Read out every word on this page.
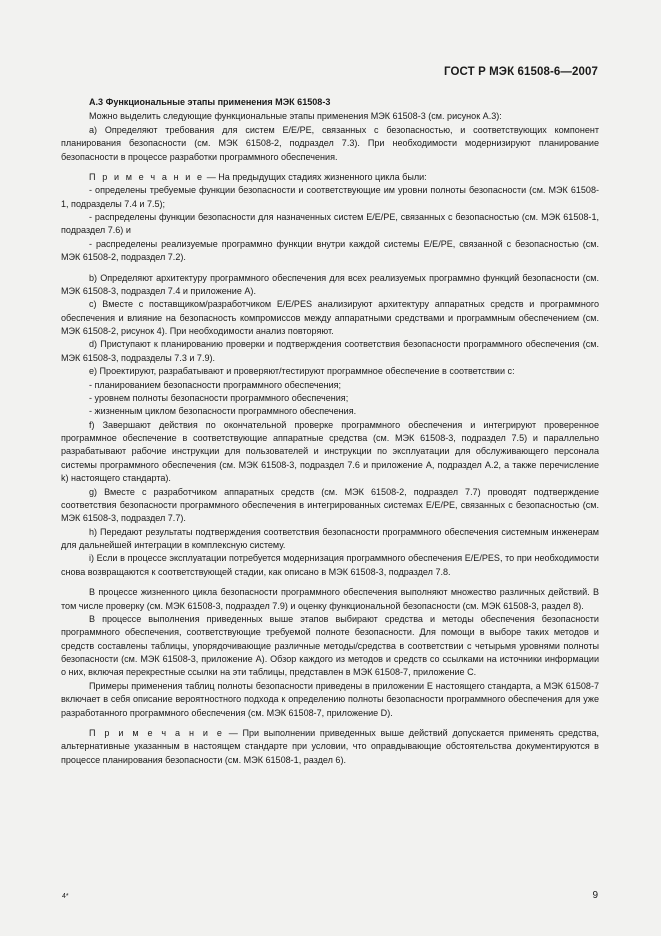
ГОСТ Р МЭК 61508-6—2007

А.3 Функциональные этапы применения МЭК 61508-3

Можно выделить следующие функциональные этапы применения МЭК 61508-3 (см. рисунок А.3):

а) Определяют требования для систем E/E/PE, связанных с безопасностью, и соответствующих компонент планирования безопасности (см. МЭК 61508-2, подраздел 7.3). При необходимости модернизируют планирование безопасности в процессе разработки программного обеспечения.

П р и м е ч а н и е — На предыдущих стадиях жизненного цикла были:

- определены требуемые функции безопасности и соответствующие им уровни полноты безопасности (см. МЭК 61508-1, подразделы 7.4 и 7.5);

- распределены функции безопасности для назначенных систем E/E/PE, связанных с безопасностью (см. МЭК 61508-1, подраздел 7.6) и

- распределены реализуемые программно функции внутри каждой системы E/E/PE, связанной с безопасностью (см. МЭК 61508-2, подраздел 7.2).

b) Определяют архитектуру программного обеспечения для всех реализуемых программно функций безопасности (см. МЭК 61508-3, подраздел 7.4 и приложение А).

c) Вместе с поставщиком/разработчиком E/E/PES анализируют архитектуру аппаратных средств и программного обеспечения и влияние на безопасность компромиссов между аппаратными средствами и программным обеспечением (см. МЭК 61508-2, рисунок 4). При необходимости анализ повторяют.

d) Приступают к планированию проверки и подтверждения соответствия безопасности программного обеспечения (см. МЭК 61508-3, подразделы 7.3 и 7.9).

е) Проектируют, разрабатывают и проверяют/тестируют программное обеспечение в соответствии с:

- планированием безопасности программного обеспечения;

- уровнем полноты безопасности программного обеспечения;

- жизненным циклом безопасности программного обеспечения.

f) Завершают действия по окончательной проверке программного обеспечения и интегрируют проверенное программное обеспечение в соответствующие аппаратные средства (см. МЭК 61508-3, подраздел 7.5) и параллельно разрабатывают рабочие инструкции для пользователей и инструкции по эксплуатации для обслуживающего персонала системы программного обеспечения (см. МЭК 61508-3, подраздел 7.6 и приложение А, подраздел А.2, а также перечисление k) настоящего стандарта).

g) Вместе с разработчиком аппаратных средств (см. МЭК 61508-2, подраздел 7.7) проводят подтверждение соответствия безопасности программного обеспечения в интегрированных системах E/E/PE, связанных с безопасностью (см. МЭК 61508-3, подраздел 7.7).

h) Передают результаты подтверждения соответствия безопасности программного обеспечения системным инженерам для дальнейшей интеграции в комплексную систему.

i) Если в процессе эксплуатации потребуется модернизация программного обеспечения E/E/PES, то при необходимости снова возвращаются к соответствующей стадии, как описано в МЭК 61508-3, подраздел 7.8.

В процессе жизненного цикла безопасности программного обеспечения выполняют множество различных действий. В том числе проверку (см. МЭК 61508-3, подраздел 7.9) и оценку функциональной безопасности (см. МЭК 61508-3, раздел 8).

В процессе выполнения приведенных выше этапов выбирают средства и методы обеспечения безопасности программного обеспечения, соответствующие требуемой полноте безопасности. Для помощи в выборе таких методов и средств составлены таблицы, упорядочивающие различные методы/средства в соответствии с четырьмя уровнями полноты безопасности (см. МЭК 61508-3, приложение А). Обзор каждого из методов и средств со ссылками на источники информации о них, включая перекрестные ссылки на эти таблицы, представлен в МЭК 61508-7, приложение С.

Примеры применения таблиц полноты безопасности приведены в приложении Е настоящего стандарта, а МЭК 61508-7 включает в себя описание вероятностного подхода к определению полноты безопасности программного обеспечения для уже разработанного программного обеспечения (см. МЭК 61508-7, приложение D).

П р и м е ч а н и е — При выполнении приведенных выше действий допускается применять средства, альтернативные указанным в настоящем стандарте при условии, что оправдывающие обстоятельства документируются в процессе планирования безопасности (см. МЭК 61508-1, раздел 6).

4*	9
